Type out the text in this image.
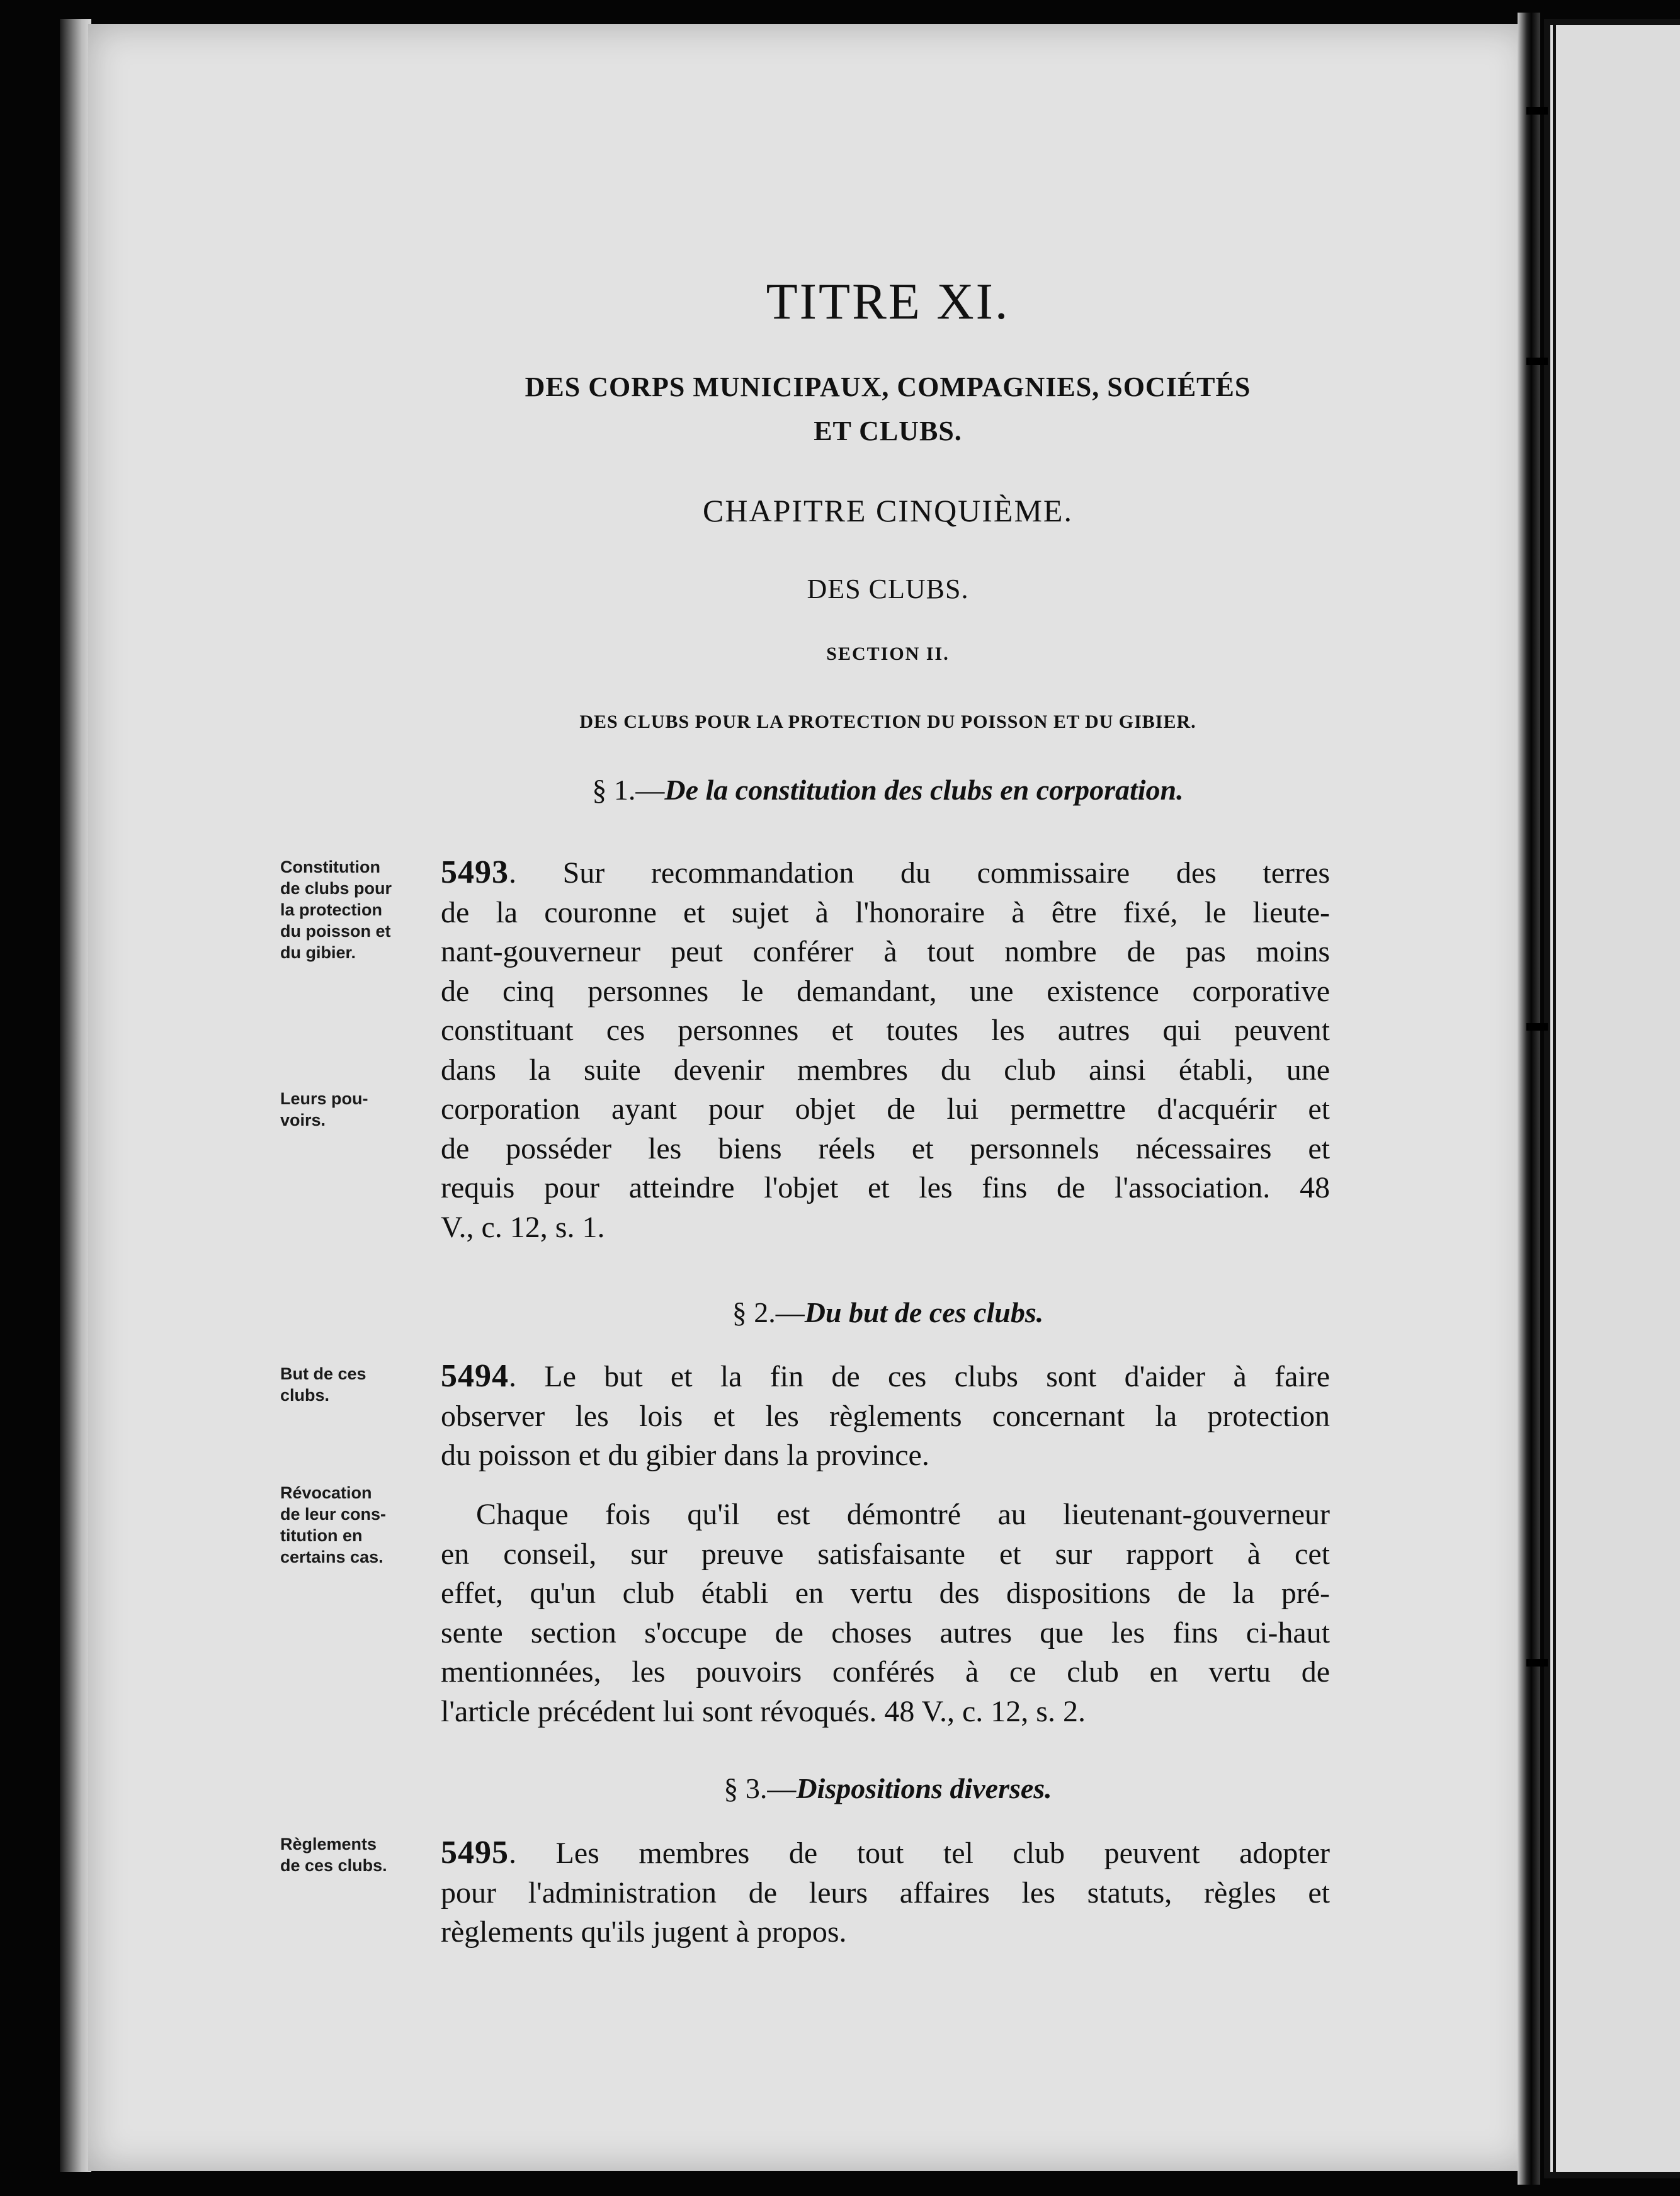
TITRE XI.
DES CORPS MUNICIPAUX, COMPAGNIES, SOCIÉTÉS
ET CLUBS.
CHAPITRE CINQUIÈME.
DES CLUBS.
SECTION II.
DES CLUBS POUR LA PROTECTION DU POISSON ET DU GIBIER.
§ 1.—De la constitution des clubs en corporation.
§ 2.—Du but de ces clubs.
§ 3.—Dispositions diverses.
Constitution
de clubs pour
la protection
du poisson et
du gibier.
Leurs pou-
voirs.
But de ces
clubs.
Révocation
de leur cons-
titution en
certains cas.
Règlements
de ces clubs.
5493. Sur recommandation du commissaire des terres
de la couronne et sujet à l'honoraire à être fixé, le lieute-
nant-gouverneur peut conférer à tout nombre de pas moins
de cinq personnes le demandant, une existence corporative
constituant ces personnes et toutes les autres qui peuvent
dans la suite devenir membres du club ainsi établi, une
corporation ayant pour objet de lui permettre d'acquérir et
de posséder les biens réels et personnels nécessaires et
requis pour atteindre l'objet et les fins de l'association. 48
V., c. 12, s. 1.
5494. Le but et la fin de ces clubs sont d'aider à faire
observer les lois et les règlements concernant la protection
du poisson et du gibier dans la province.
Chaque fois qu'il est démontré au lieutenant-gouverneur
en conseil, sur preuve satisfaisante et sur rapport à cet
effet, qu'un club établi en vertu des dispositions de la pré-
sente section s'occupe de choses autres que les fins ci-haut
mentionnées, les pouvoirs conférés à ce club en vertu de
l'article précédent lui sont révoqués. 48 V., c. 12, s. 2.
5495. Les membres de tout tel club peuvent adopter
pour l'administration de leurs affaires les statuts, règles et
règlements qu'ils jugent à propos.
